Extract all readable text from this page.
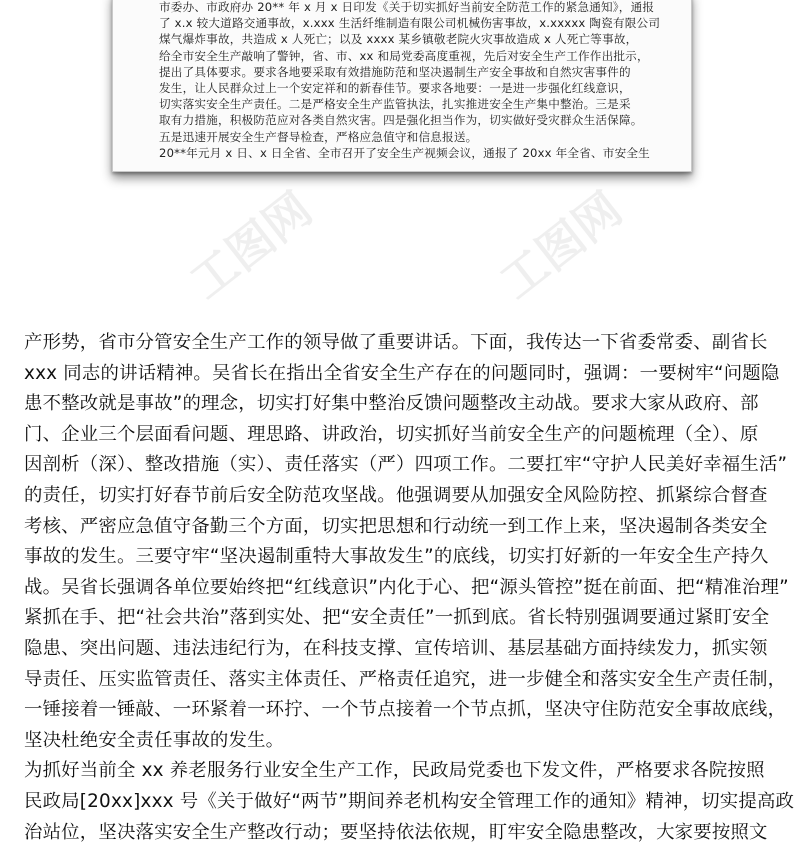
市委办、市政府办 20** 年 x 月 x 日印发《关于切实抓好当前安全防范工作的紧急通知》，通报
了 x.x 较大道路交通事故，x.xxx 生活纤维制造有限公司机械伤害事故，x.xxxxx 陶瓷有限公司
煤气爆炸事故，共造成 x 人死亡；以及 xxxx 某乡镇敬老院火灾事故造成 x 人死亡等事故，
给全市安全生产敲响了警钟，省、市、xx 和局党委高度重视，先后对安全生产工作作出批示，
提出了具体要求。要求各地要采取有效措施防范和坚决遏制生产安全事故和自然灾害事件的
发生，让人民群众过上一个安定祥和的新春佳节。要求各地要：一是进一步强化红线意识，
切实落实安全生产责任。二是严格安全生产监管执法，扎实推进安全生产集中整治。三是采
取有力措施，积极防范应对各类自然灾害。四是强化担当作为，切实做好受灾群众生活保障。
五是迅速开展安全生产督导检查，严格应急值守和信息报送。
20**年元月 x 日、x 日全省、全市召开了安全生产视频会议，通报了 20xx 年全省、市安全生
工图网	工图网
产形势，省市分管安全生产工作的领导做了重要讲话。下面，我传达一下省委常委、副省长
xxx 同志的讲话精神。吴省长在指出全省安全生产存在的问题同时，强调：一要树牢“问题隐
患不整改就是事故”的理念，切实打好集中整治反馈问题整改主动战。要求大家从政府、部
门、企业三个层面看问题、理思路、讲政治，切实抓好当前安全生产的问题梳理（全）、原
因剖析（深）、整改措施（实）、责任落实（严）四项工作。二要扛牢“守护人民美好幸福生活”
的责任，切实打好春节前后安全防范攻坚战。他强调要从加强安全风险防控、抓紧综合督查
考核、严密应急值守备勤三个方面，切实把思想和行动统一到工作上来，坚决遏制各类安全
事故的发生。三要守牢“坚决遏制重特大事故发生”的底线，切实打好新的一年安全生产持久
战。吴省长强调各单位要始终把“红线意识”内化于心、把“源头管控”挺在前面、把“精准治理”
紧抓在手、把“社会共治”落到实处、把“安全责任”一抓到底。省长特别强调要通过紧盯安全
隐患、突出问题、违法违纪行为，在科技支撑、宣传培训、基层基础方面持续发力，抓实领
导责任、压实监管责任、落实主体责任、严格责任追究，进一步健全和落实安全生产责任制，
一锤接着一锤敲、一环紧着一环拧、一个节点接着一个节点抓，坚决守住防范安全事故底线，
坚决杜绝安全责任事故的发生。
为抓好当前全 xx 养老服务行业安全生产工作，民政局党委也下发文件，严格要求各院按照
民政局[20xx]xxx 号《关于做好“两节”期间养老机构安全管理工作的通知》精神，切实提高政
治站位，坚决落实安全生产整改行动；要坚持依法依规，盯牢安全隐患整改，大家要按照文
